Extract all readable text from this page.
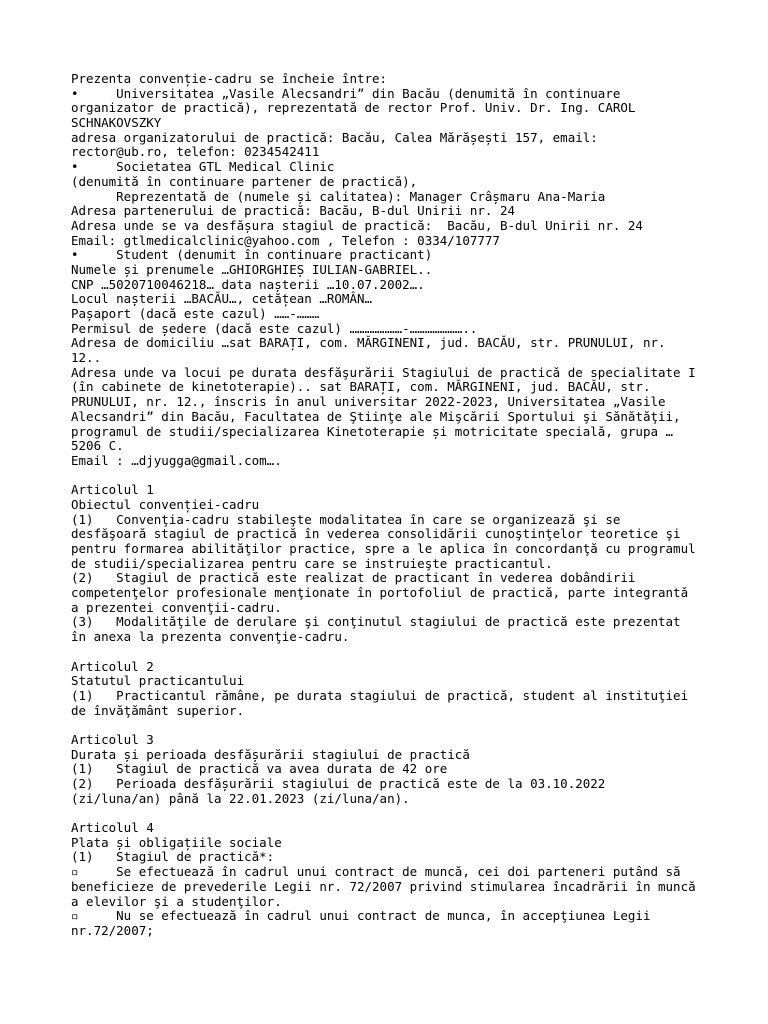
Prezenta convenție-cadru se încheie între:
•     Universitatea „Vasile Alecsandri” din Bacău (denumită în continuare
organizator de practică), reprezentată de rector Prof. Univ. Dr. Ing. CAROL
SCHNAKOVSZKY
adresa organizatorului de practică: Bacău, Calea Mărășești 157, email:
rector@ub.ro, telefon: 0234542411
•     Societatea GTL Medical Clinic
(denumită în continuare partener de practică),
Reprezentată de (numele și calitatea): Manager Crâșmaru Ana-Maria
Adresa partenerului de practică: Bacău, B-dul Unirii nr. 24
Adresa unde se va desfășura stagiul de practică:  Bacău, B-dul Unirii nr. 24
Email: gtlmedicalclinic@yahoo.com , Telefon : 0334/107777
•     Student (denumit în continuare practicant)
Numele și prenumele …GHIORGHIEȘ IULIAN-GABRIEL..
CNP …5020710046218… data nașterii …10.07.2002….
Locul nașterii …BACĂU…, cetățean …ROMÂN…
Pașaport (dacă este cazul) ……-………
Permisul de ședere (dacă este cazul) …………………-…………………..
Adresa de domiciliu …sat BARAȚI, com. MĂRGINENI, jud. BACĂU, str. PRUNULUI, nr.
12..
Adresa unde va locui pe durata desfăşurării Stagiului de practică de specialitate I
(în cabinete de kinetoterapie).. sat BARAȚI, com. MĂRGINENI, jud. BACĂU, str.
PRUNULUI, nr. 12., înscris în anul universitar 2022-2023, Universitatea „Vasile
Alecsandri” din Bacău, Facultatea de Ştiinţe ale Mişcării Sportului şi Sănătăţii,
programul de studii/specializarea Kinetoterapie și motricitate specială, grupa …
5206 C.
Email : …djyugga@gmail.com….
Articolul 1
Obiectul convenției-cadru
(1)   Convenţia-cadru stabileşte modalitatea în care se organizează şi se
desfăşoară stagiul de practică în vederea consolidării cunoştinţelor teoretice şi
pentru formarea abilităţilor practice, spre a le aplica în concordanţă cu programul
de studii/specializarea pentru care se instruieşte practicantul.
(2)   Stagiul de practică este realizat de practicant în vederea dobândirii
competenţelor profesionale menţionate în portofoliul de practică, parte integrantă
a prezentei convenţii-cadru.
(3)   Modalităţile de derulare şi conţinutul stagiului de practică este prezentat
în anexa la prezenta convenţie-cadru.
Articolul 2
Statutul practicantului
(1)   Practicantul rămâne, pe durata stagiului de practică, student al instituţiei
de învăţământ superior.
Articolul 3
Durata și perioada desfășurării stagiului de practică
(1)   Stagiul de practică va avea durata de 42 ore
(2)   Perioada desfășurării stagiului de practică este de la 03.10.2022
(zi/luna/an) până la 22.01.2023 (zi/luna/an).
Articolul 4
Plata și obligațiile sociale
(1)   Stagiul de practică*:
▫     Se efectuează în cadrul unui contract de muncă, cei doi parteneri putând să
beneficieze de prevederile Legii nr. 72/2007 privind stimularea încadrării în muncă
a elevilor şi a studenţilor.
▫     Nu se efectuează în cadrul unui contract de munca, în accepţiunea Legii
nr.72/2007;
